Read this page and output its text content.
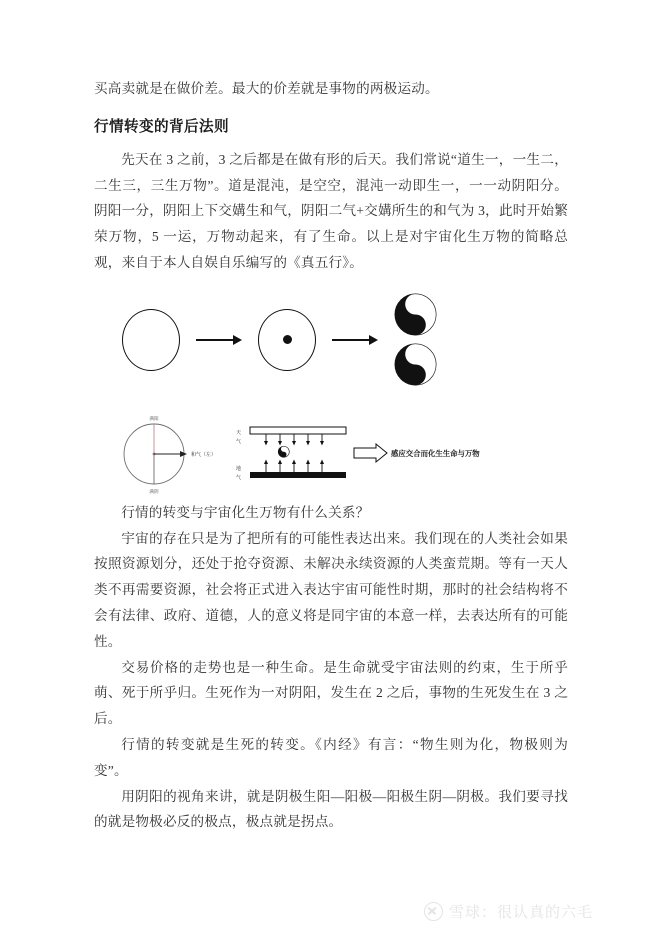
买高卖就是在做价差。最大的价差就是事物的两极运动。

行情转变的背后法则

先天在 3 之前，3 之后都是在做有形的后天。我们常说“道生一，一生二，二生三，三生万物”。道是混沌，是空空，混沌一动即生一，一一动阴阳分。阴阳一分，阴阳上下交媾生和气，阴阳二气+交媾所生的和气为 3，此时开始繁荣万物，5 一运，万物动起来，有了生命。以上是对宇宙化生万物的简略总观，来自于本人自娱自乐编写的《真五行》。

满阳
满阴
和气（左）
天
气
地
气
感应交合而化生生命与万物

行情的转变与宇宙化生万物有什么关系？

宇宙的存在只是为了把所有的可能性表达出来。我们现在的人类社会如果按照资源划分，还处于抢夺资源、未解决永续资源的人类蛮荒期。等有一天人类不再需要资源，社会将正式进入表达宇宙可能性时期，那时的社会结构将不会有法律、政府、道德，人的意义将是同宇宙的本意一样，去表达所有的可能性。

交易价格的走势也是一种生命。是生命就受宇宙法则的约束，生于所乎萌、死于所乎归。生死作为一对阴阳，发生在 2 之后，事物的生死发生在 3 之后。

行情的转变就是生死的转变。《内经》有言：“物生则为化，物极则为变”。

用阴阳的视角来讲，就是阴极生阳—阳极—阳极生阴—阴极。我们要寻找的就是物极必反的极点，极点就是拐点。

雪球：很认真的六毛
